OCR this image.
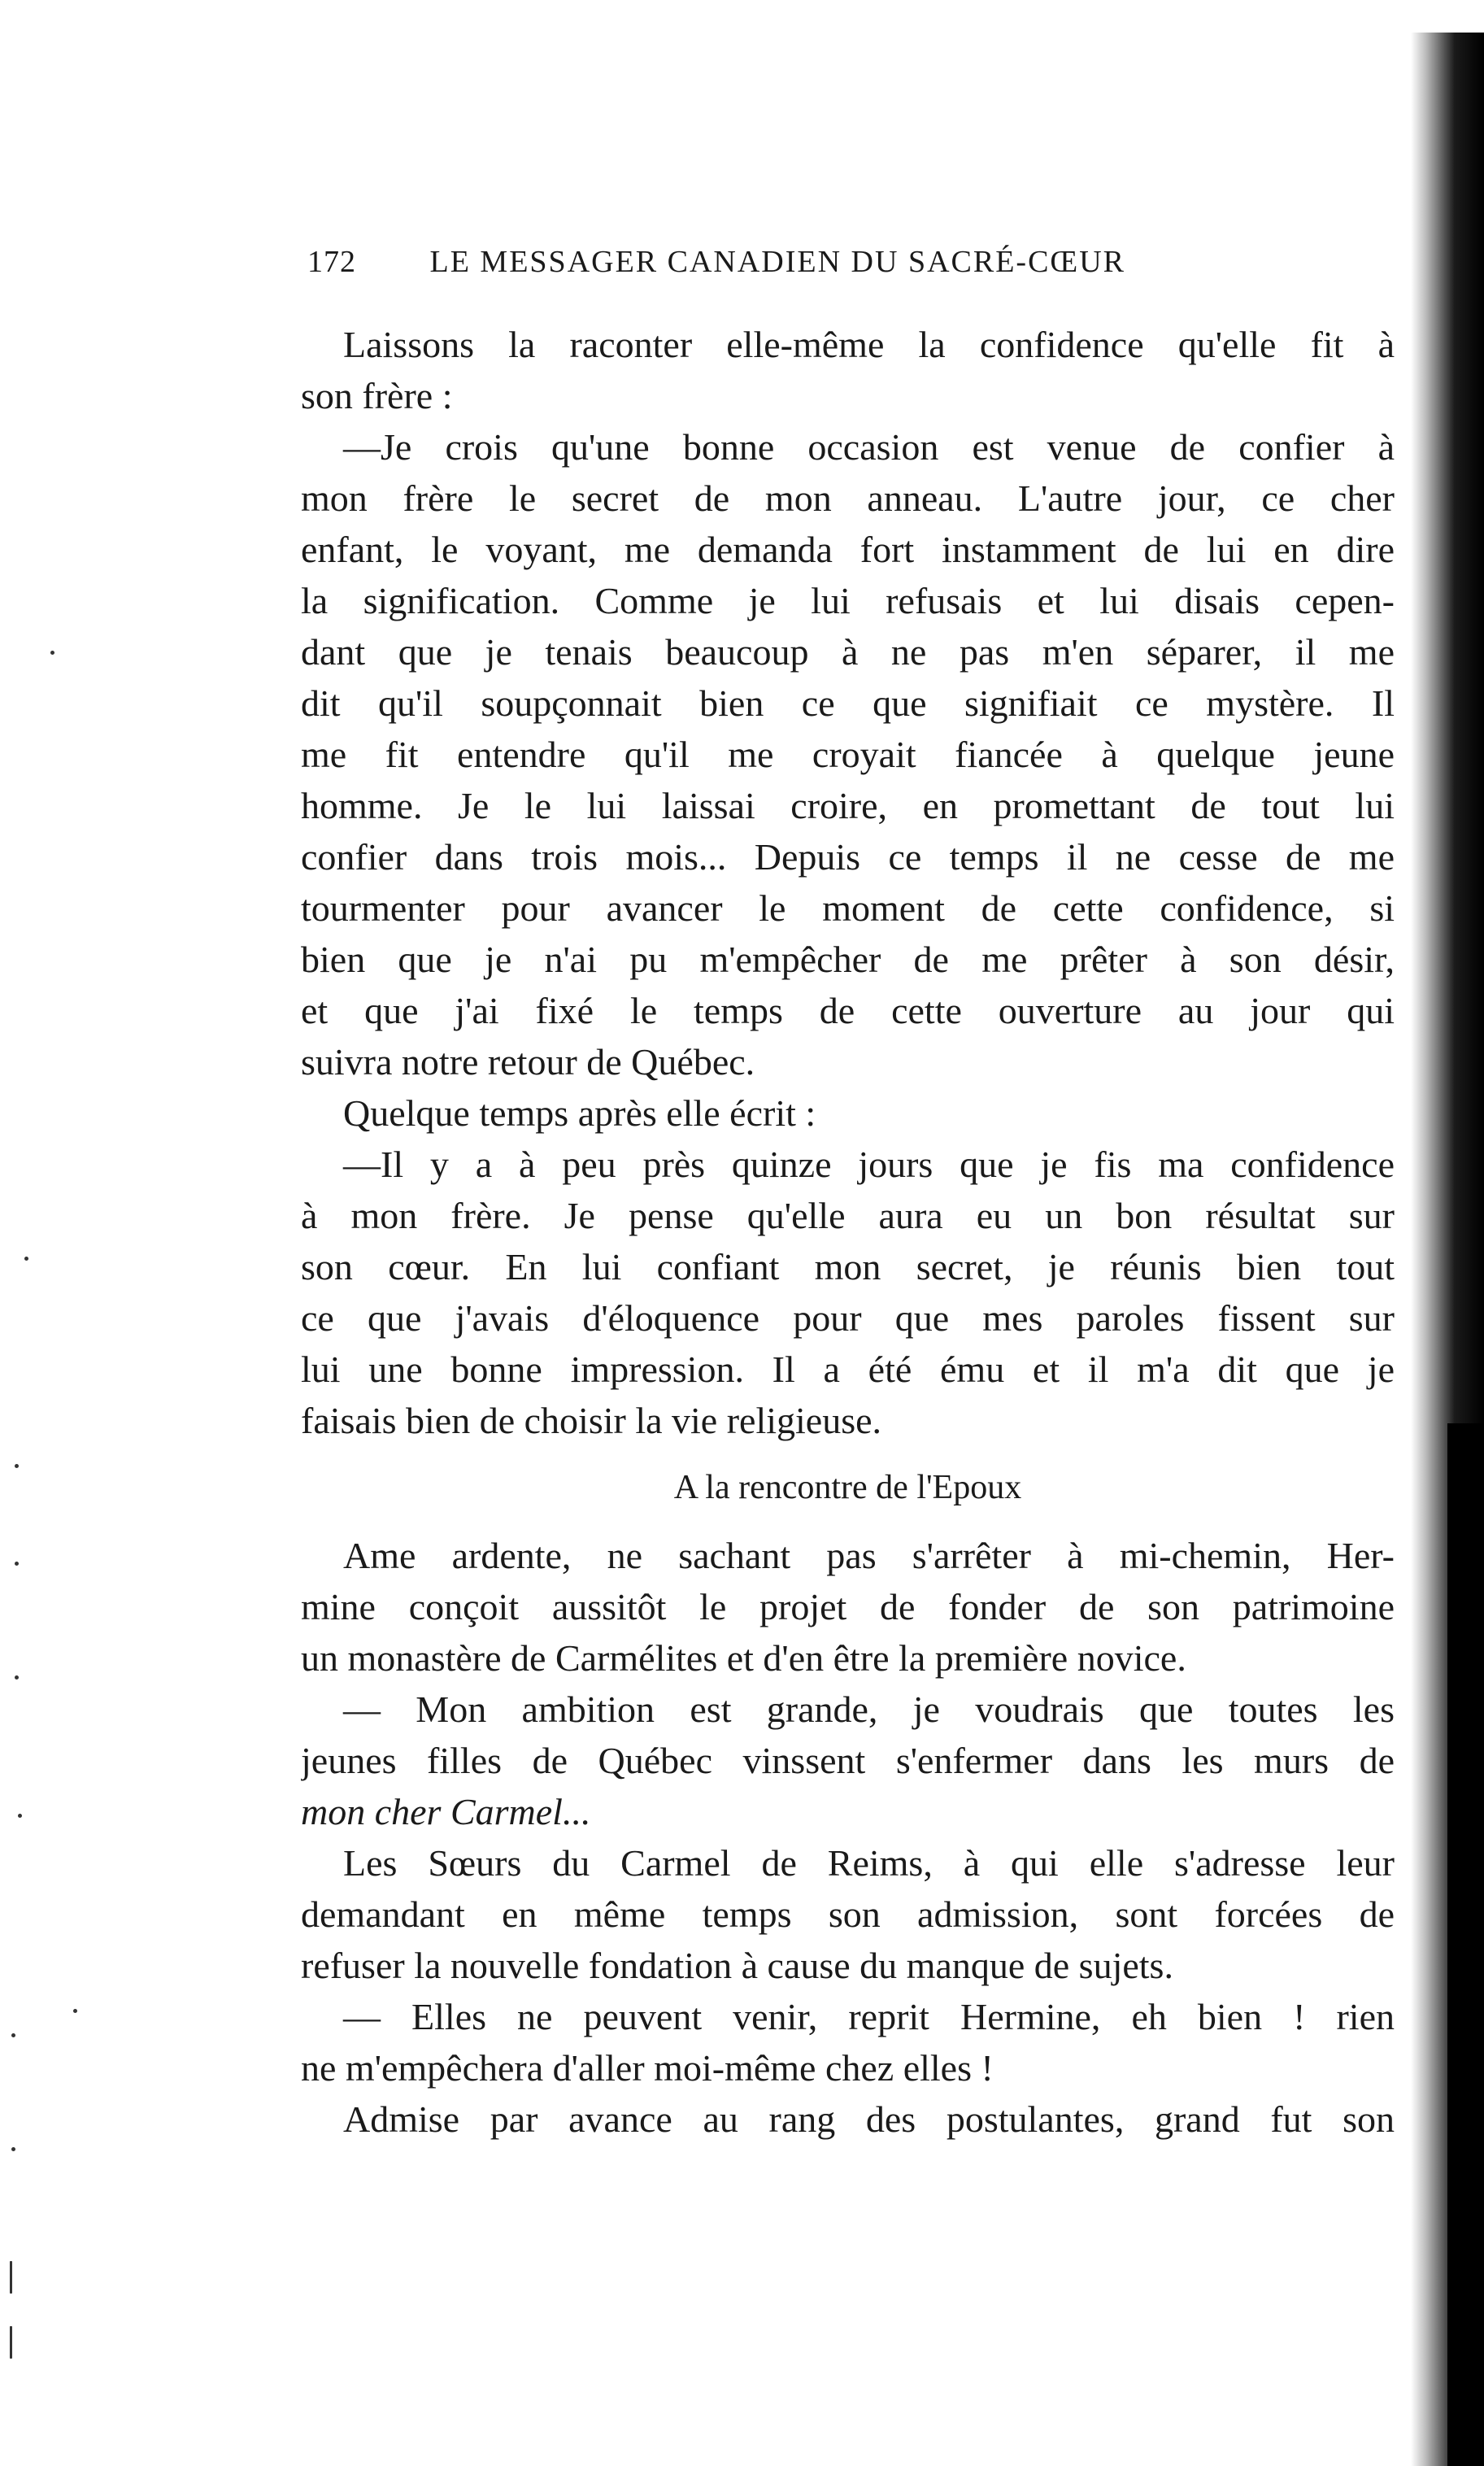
172 LE MESSAGER CANADIEN DU SACRÉ-CŒUR
Laissons la raconter elle-même la confidence qu'elle fit à
son frère :
—Je crois qu'une bonne occasion est venue de confier à
mon frère le secret de mon anneau. L'autre jour, ce cher
enfant, le voyant, me demanda fort instamment de lui en dire
la signification. Comme je lui refusais et lui disais cepen-
dant que je tenais beaucoup à ne pas m'en séparer, il me
dit qu'il soupçonnait bien ce que signifiait ce mystère. Il
me fit entendre qu'il me croyait fiancée à quelque jeune
homme. Je le lui laissai croire, en promettant de tout lui
confier dans trois mois... Depuis ce temps il ne cesse de me
tourmenter pour avancer le moment de cette confidence, si
bien que je n'ai pu m'empêcher de me prêter à son désir,
et que j'ai fixé le temps de cette ouverture au jour qui
suivra notre retour de Québec.
Quelque temps après elle écrit :
—Il y a à peu près quinze jours que je fis ma confidence
à mon frère. Je pense qu'elle aura eu un bon résultat sur
son cœur. En lui confiant mon secret, je réunis bien tout
ce que j'avais d'éloquence pour que mes paroles fissent sur
lui une bonne impression. Il a été ému et il m'a dit que je
faisais bien de choisir la vie religieuse.
A la rencontre de l'Epoux
Ame ardente, ne sachant pas s'arrêter à mi-chemin, Her-
mine conçoit aussitôt le projet de fonder de son patrimoine
un monastère de Carmélites et d'en être la première novice.
— Mon ambition est grande, je voudrais que toutes les
jeunes filles de Québec vinssent s'enfermer dans les murs de
mon cher Carmel...
Les Sœurs du Carmel de Reims, à qui elle s'adresse leur
demandant en même temps son admission, sont forcées de
refuser la nouvelle fondation à cause du manque de sujets.
— Elles ne peuvent venir, reprit Hermine, eh bien ! rien
ne m'empêchera d'aller moi-même chez elles !
Admise par avance au rang des postulantes, grand fut son
